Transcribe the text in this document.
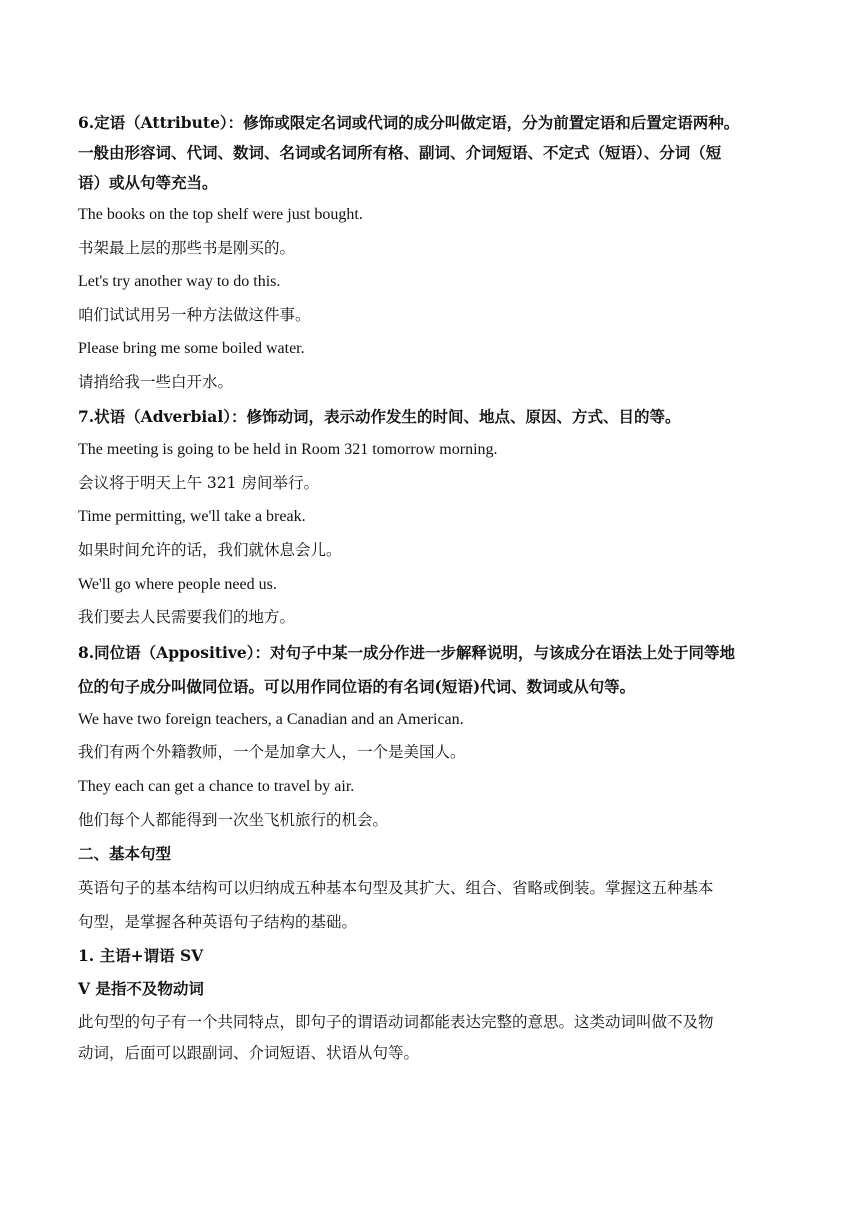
6.定语（Attribute）：修饰或限定名词或代词的成分叫做定语，分为前置定语和后置定语两种。
一般由形容词、代词、数词、名词或名词所有格、副词、介词短语、不定式（短语）、分词（短
语）或从句等充当。
The books on the top shelf were just bought.
书架最上层的那些书是刚买的。
Let's try another way to do this.
咱们试试用另一种方法做这件事。
Please bring me some boiled water.
请捎给我一些白开水。
7.状语（Adverbial）：修饰动词，表示动作发生的时间、地点、原因、方式、目的等。
The meeting is going to be held in Room 321 tomorrow morning.
会议将于明天上午 321 房间举行。
Time permitting, we'll take a break.
如果时间允许的话，我们就休息会儿。
We'll go where people need us.
我们要去人民需要我们的地方。
8.同位语（Appositive）：对句子中某一成分作进一步解释说明，与该成分在语法上处于同等地
位的句子成分叫做同位语。可以用作同位语的有名词(短语)代词、数词或从句等。
We have two foreign teachers, a Canadian and an American.
我们有两个外籍教师，一个是加拿大人，一个是美国人。
They each can get a chance to travel by air.
他们每个人都能得到一次坐飞机旅行的机会。
二、基本句型
英语句子的基本结构可以归纳成五种基本句型及其扩大、组合、省略或倒装。掌握这五种基本
句型，是掌握各种英语句子结构的基础。
1. 主语+谓语 SV
V 是指不及物动词
此句型的句子有一个共同特点，即句子的谓语动词都能表达完整的意思。这类动词叫做不及物
动词，后面可以跟副词、介词短语、状语从句等。
